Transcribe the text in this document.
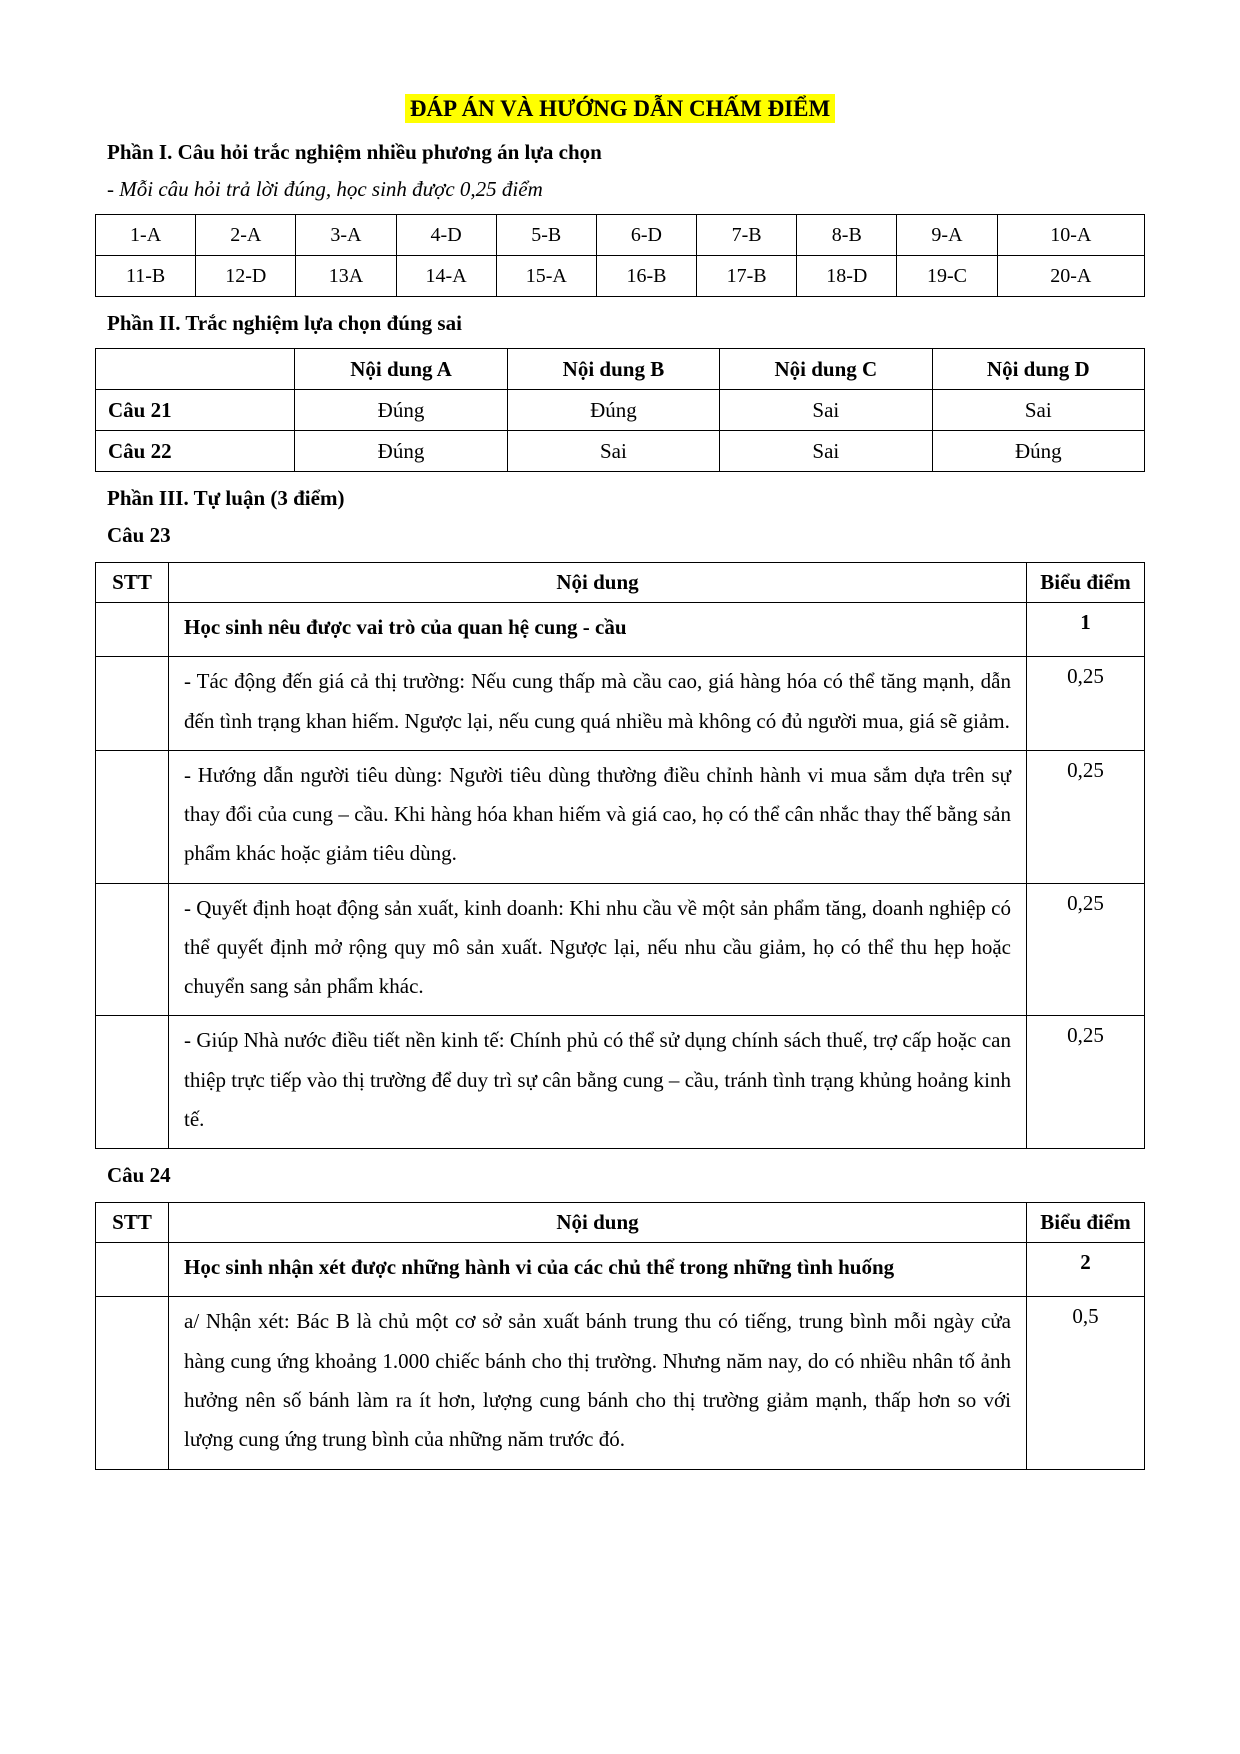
ĐÁP ÁN VÀ HƯỚNG DẪN CHẤM ĐIỂM
Phần I. Câu hỏi trắc nghiệm nhiều phương án lựa chọn
- Mỗi câu hỏi trả lời đúng, học sinh được 0,25 điểm
1-A	2-A	3-A	4-D	5-B	6-D	7-B	8-B	9-A	10-A
11-B	12-D	13A	14-A	15-A	16-B	17-B	18-D	19-C	20-A
Phần II. Trắc nghiệm lựa chọn đúng sai
	Nội dung A	Nội dung B	Nội dung C	Nội dung D
Câu 21	Đúng	Đúng	Sai	Sai
Câu 22	Đúng	Sai	Sai	Đúng
Phần III. Tự luận (3 điểm)
Câu 23
STT	Nội dung	Biểu điểm
	Học sinh nêu được vai trò của quan hệ cung - cầu	1
	- Tác động đến giá cả thị trường: Nếu cung thấp mà cầu cao, giá hàng hóa có thể tăng mạnh, dẫn đến tình trạng khan hiếm. Ngược lại, nếu cung quá nhiều mà không có đủ người mua, giá sẽ giảm.	0,25
	- Hướng dẫn người tiêu dùng: Người tiêu dùng thường điều chỉnh hành vi mua sắm dựa trên sự thay đổi của cung – cầu. Khi hàng hóa khan hiếm và giá cao, họ có thể cân nhắc thay thế bằng sản phẩm khác hoặc giảm tiêu dùng.	0,25
	- Quyết định hoạt động sản xuất, kinh doanh: Khi nhu cầu về một sản phẩm tăng, doanh nghiệp có thể quyết định mở rộng quy mô sản xuất. Ngược lại, nếu nhu cầu giảm, họ có thể thu hẹp hoặc chuyển sang sản phẩm khác.	0,25
	- Giúp Nhà nước điều tiết nền kinh tế: Chính phủ có thể sử dụng chính sách thuế, trợ cấp hoặc can thiệp trực tiếp vào thị trường để duy trì sự cân bằng cung – cầu, tránh tình trạng khủng hoảng kinh tế.	0,25
Câu 24
STT	Nội dung	Biểu điểm
	Học sinh nhận xét được những hành vi của các chủ thể trong những tình huống	2
	a/ Nhận xét: Bác B là chủ một cơ sở sản xuất bánh trung thu có tiếng, trung bình mỗi ngày cửa hàng cung ứng khoảng 1.000 chiếc bánh cho thị trường. Nhưng năm nay, do có nhiều nhân tố ảnh hưởng nên số bánh làm ra ít hơn, lượng cung bánh cho thị trường giảm mạnh, thấp hơn so với lượng cung ứng trung bình của những năm trước đó.	0,5
